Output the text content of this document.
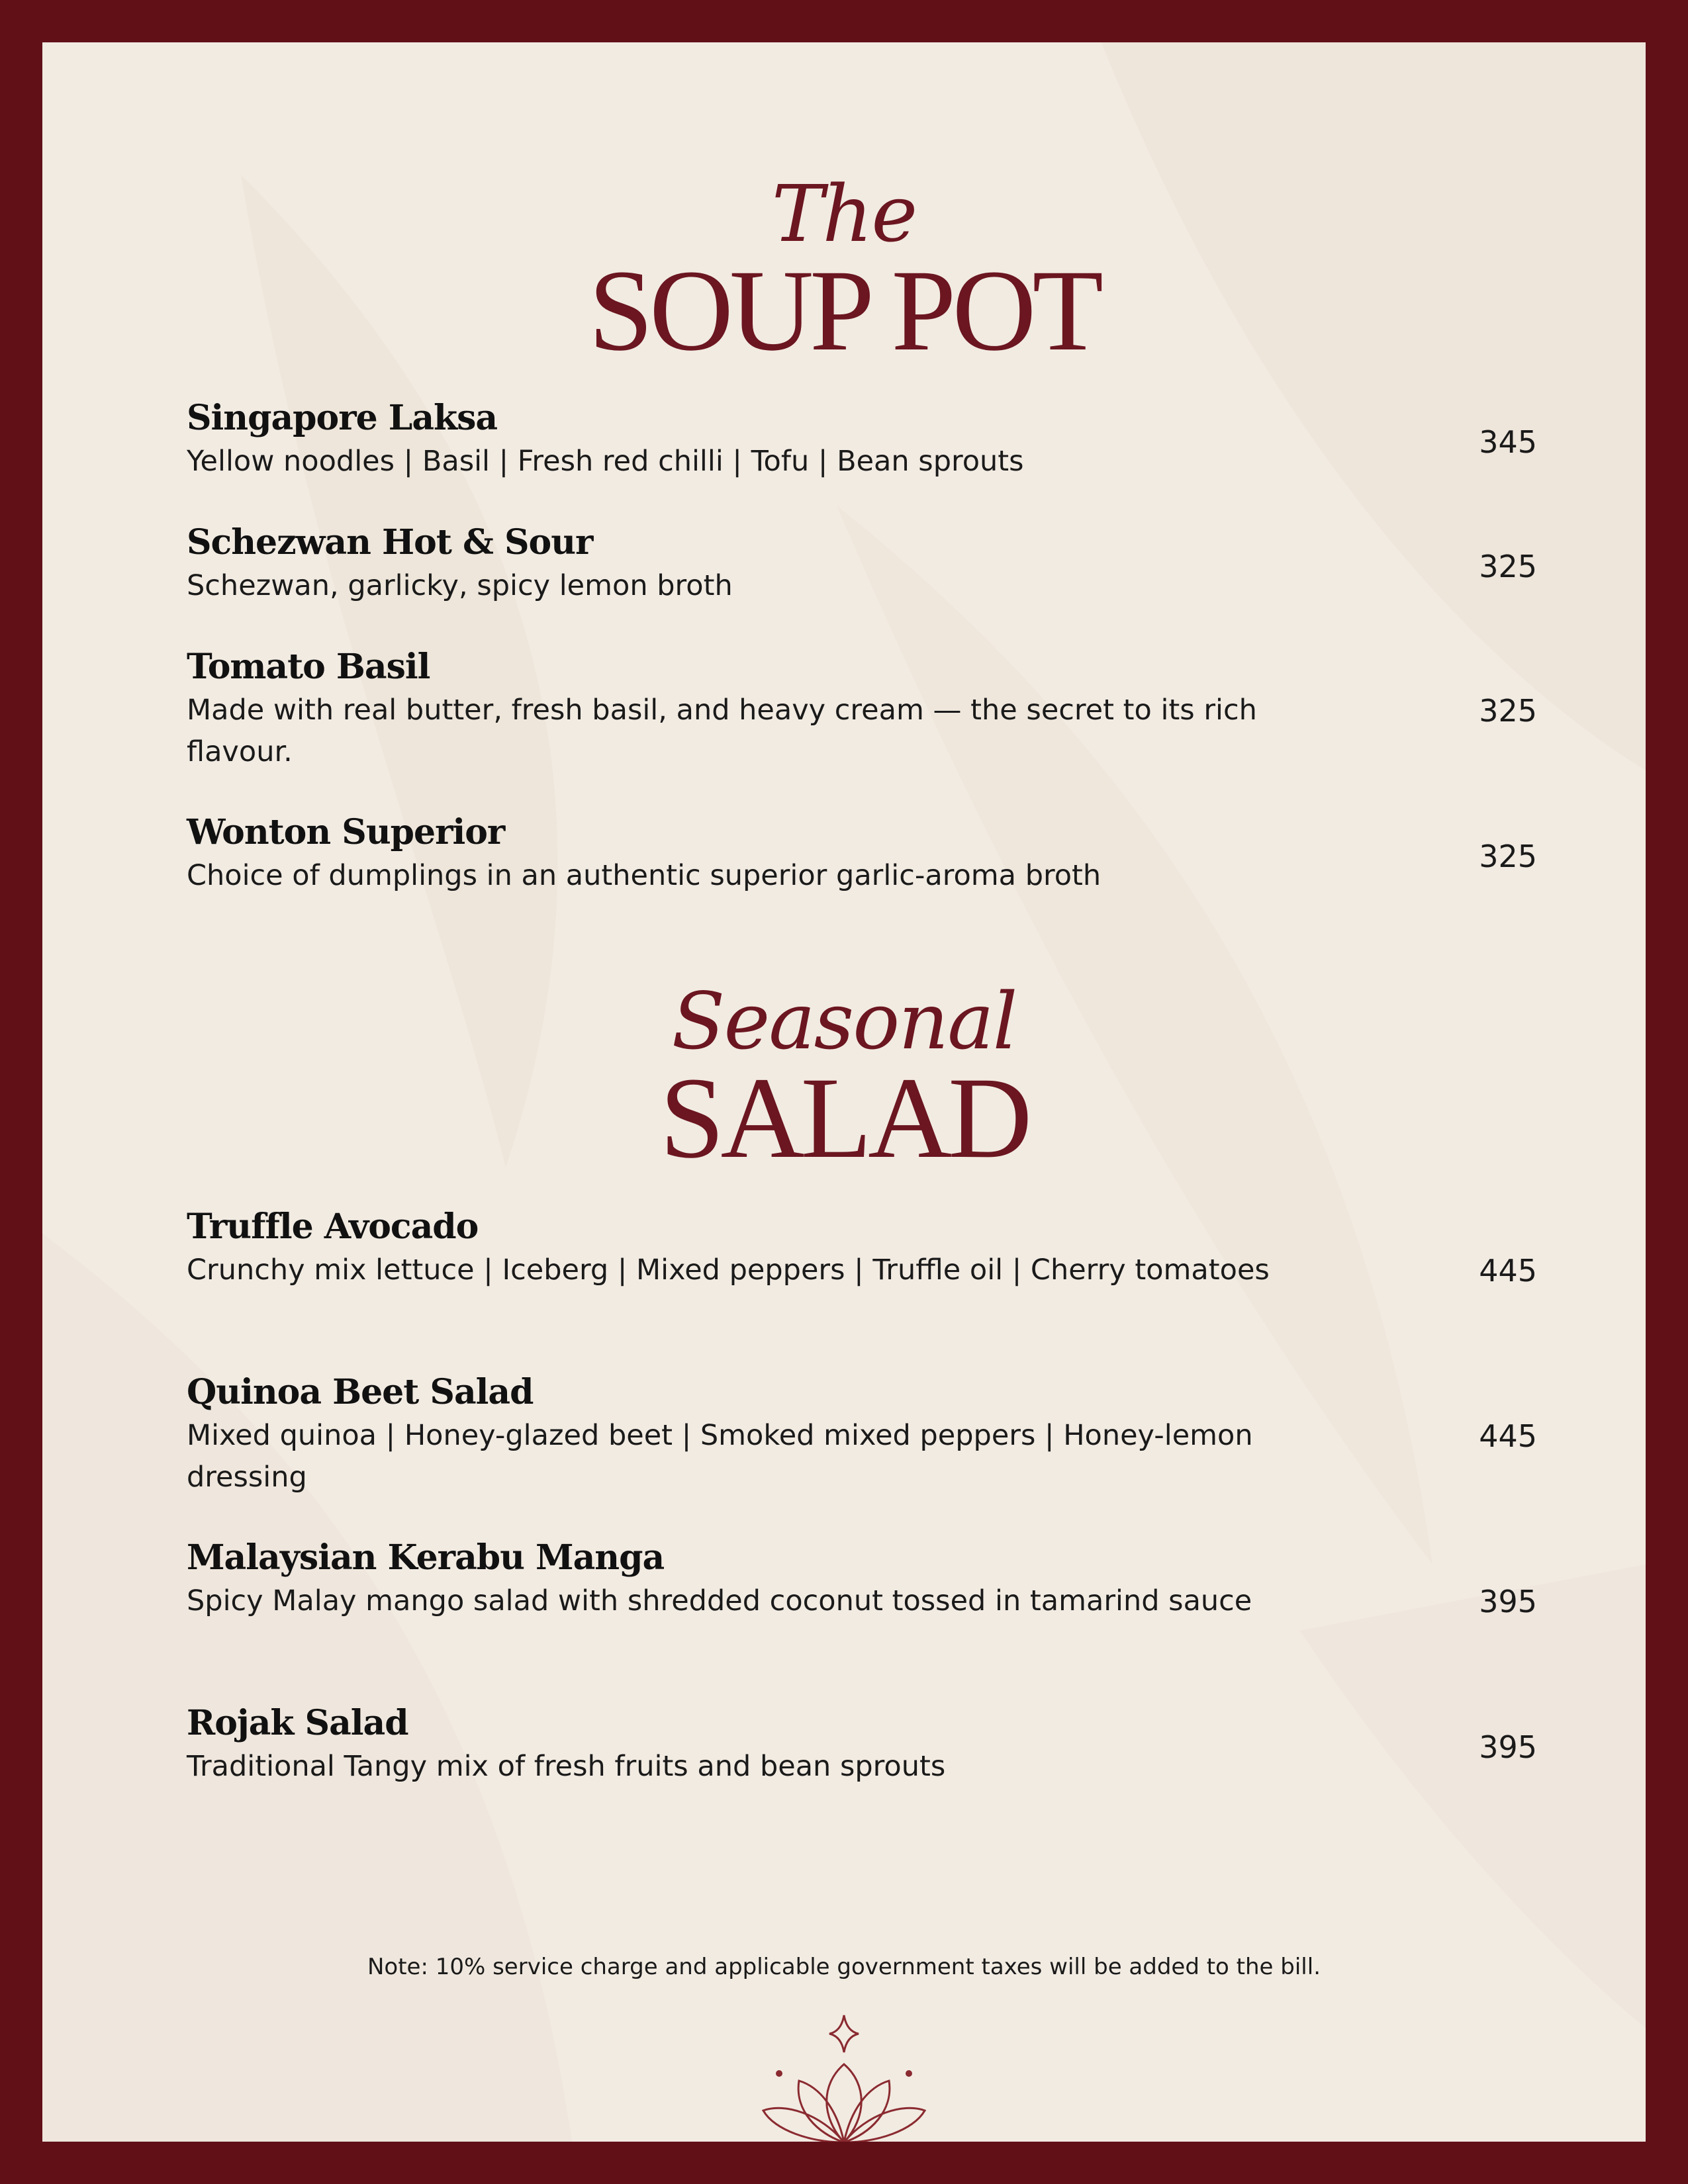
The
SOUP POT
Singapore Laksa
Yellow noodles | Basil | Fresh red chilli | Tofu | Bean sprouts
345
Schezwan Hot & Sour
Schezwan, garlicky, spicy lemon broth
325
Tomato Basil
Made with real butter, fresh basil, and heavy cream — the secret to its rich flavour.
325
Wonton Superior
Choice of dumplings in an authentic superior garlic-aroma broth
325
Seasonal
SALAD
Truffle Avocado
Crunchy mix lettuce | Iceberg | Mixed peppers | Truffle oil | Cherry tomatoes	445
Quinoa Beet Salad
Mixed quinoa | Honey-glazed beet | Smoked mixed peppers | Honey-lemon dressing
445
Malaysian Kerabu Manga
Spicy Malay mango salad with shredded coconut tossed in tamarind sauce	395
Rojak Salad
Traditional Tangy mix of fresh fruits and bean sprouts
395
Note: 10% service charge and applicable government taxes will be added to the bill.
